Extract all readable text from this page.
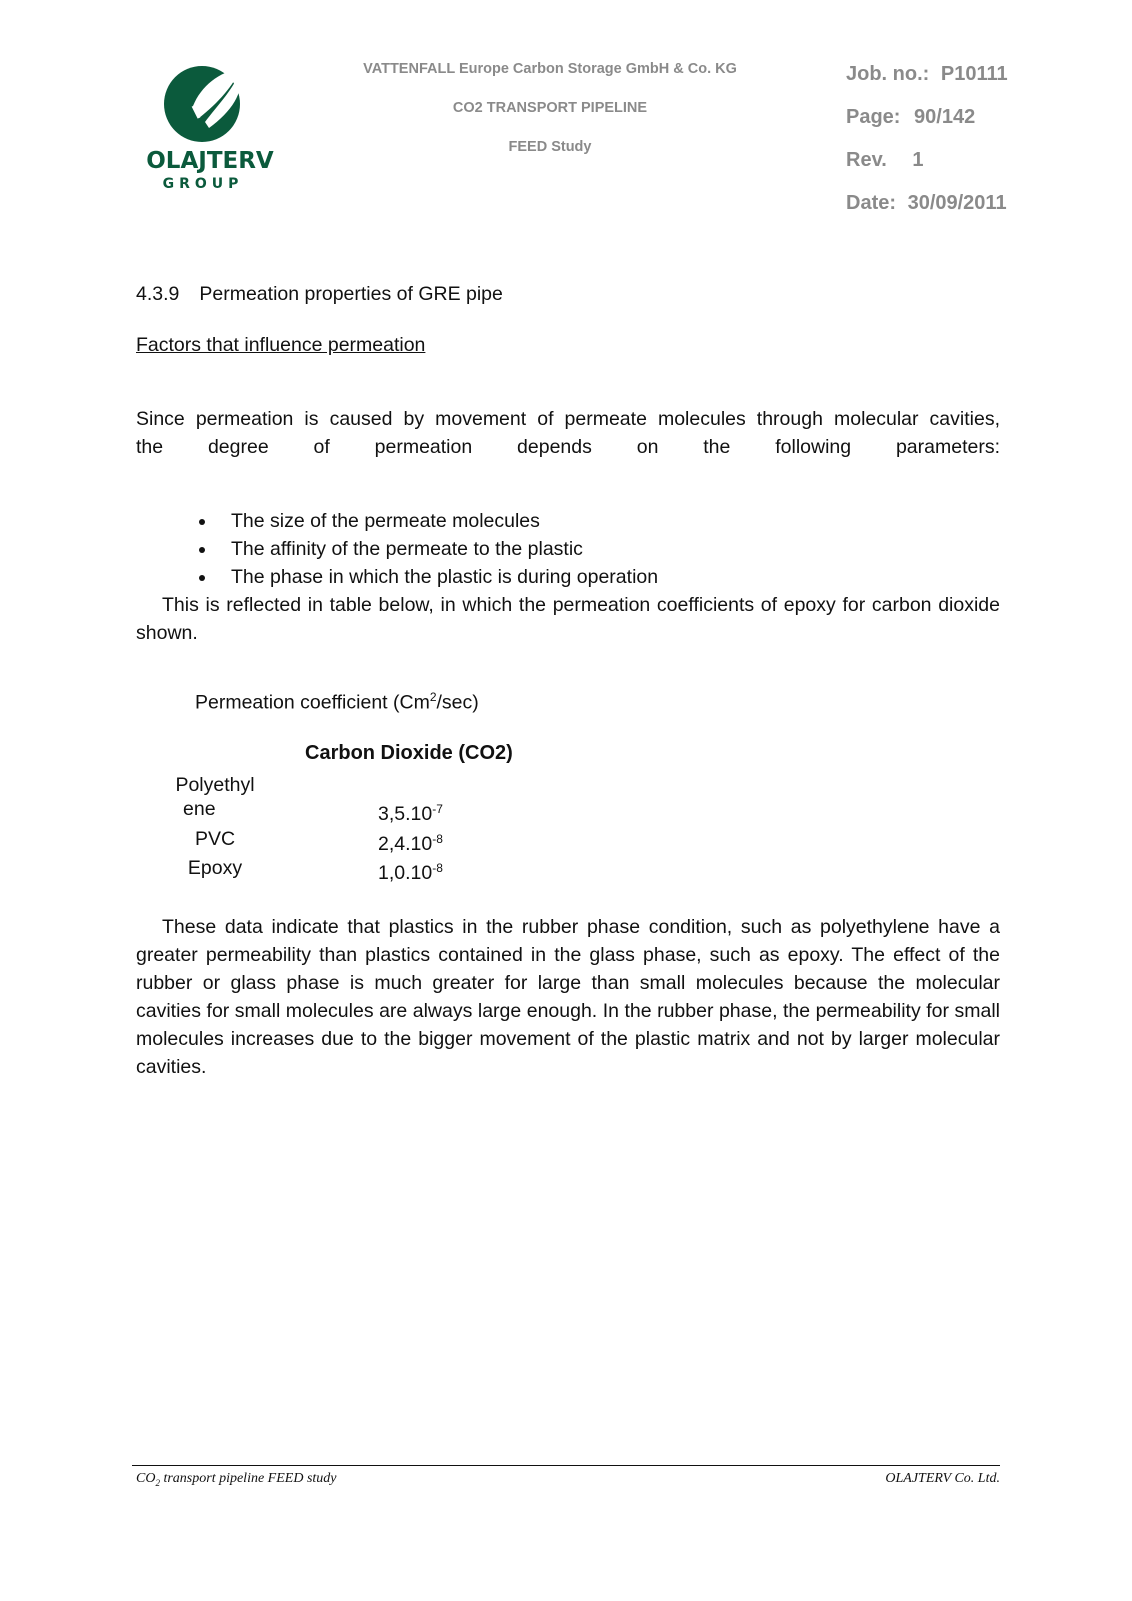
OLAJTERV
GROUP
VATTENFALL Europe Carbon Storage GmbH & Co. KG
CO2 TRANSPORT PIPELINE
FEED Study
Job. no.: P10111
Page: 90/142
Rev. 1
Date: 30/09/2011
4.3.9 Permeation properties of GRE pipe
Factors that influence permeation
Since permeation is caused by movement of permeate molecules through molecular cavities,
the degree of permeation depends on the following parameters:
The size of the permeate molecules
The affinity of the permeate to the plastic
The phase in which the plastic is during operation
This is reflected in table below, in which the permeation coefficients of epoxy for carbon dioxide shown.
Permeation coefficient (Cm$^2$/sec)
Carbon Dioxide (CO2)
Polyethyl
ene	$3,5.10^{-7}$
PVC	$2,4.10^{-8}$
Epoxy	$1,0.10^{-8}$
These data indicate that plastics in the rubber phase condition, such as polyethylene have a greater permeability than plastics contained in the glass phase, such as epoxy. The effect of the rubber or glass phase is much greater for large than small molecules because the molecular cavities for small molecules are always large enough. In the rubber phase, the permeability for small molecules increases due to the bigger movement of the plastic matrix and not by larger molecular cavities.
$CO_2$ transport pipeline FEED study	OLAJTERV Co. Ltd.
